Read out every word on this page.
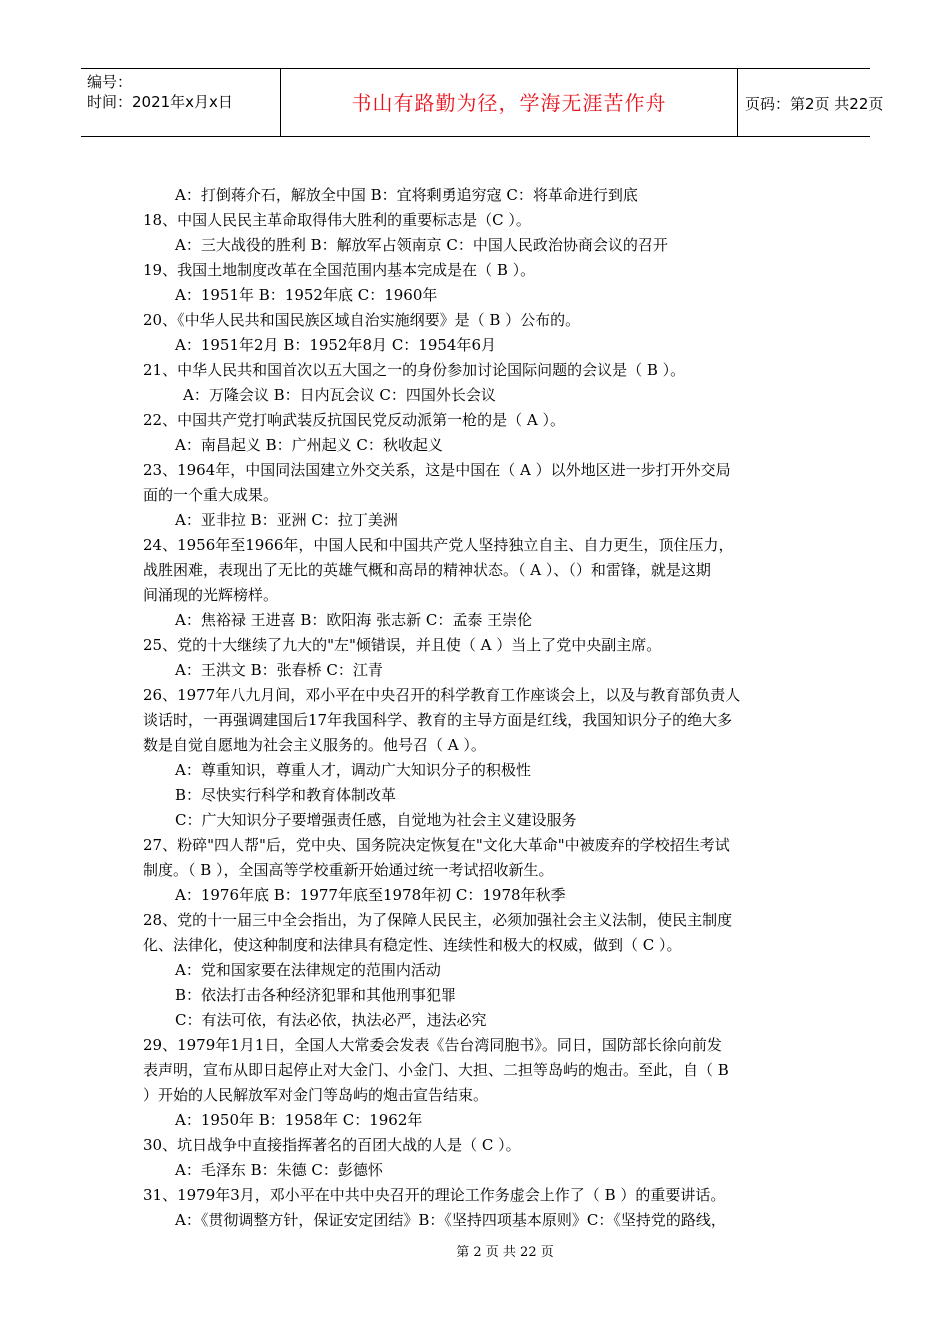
编号：
时间：2021年x月x日	书山有路勤为径，学海无涯苦作舟	页码：第2页 共22页
A：打倒蒋介石，解放全中国 B：宜将剩勇追穷寇 C：将革命进行到底
18、中国人民民主革命取得伟大胜利的重要标志是（C ）。
A：三大战役的胜利 B：解放军占领南京 C：中国人民政治协商会议的召开
19、我国土地制度改革在全国范围内基本完成是在（ B ）。
A：1951年 B：1952年底 C：1960年
20、《中华人民共和国民族区域自治实施纲要》是（ B ）公布的。
A：1951年2月 B：1952年8月 C：1954年6月
21、中华人民共和国首次以五大国之一的身份参加讨论国际问题的会议是（ B ）。
A：万隆会议 B：日内瓦会议 C：四国外长会议
22、中国共产党打响武装反抗国民党反动派第一枪的是（ A ）。
A：南昌起义 B：广州起义 C：秋收起义
23、1964年，中国同法国建立外交关系，这是中国在（ A ）以外地区进一步打开外交局
面的一个重大成果。
A：亚非拉 B：亚洲 C：拉丁美洲
24、1956年至1966年，中国人民和中国共产党人坚持独立自主、自力更生，顶住压力，
战胜困难，表现出了无比的英雄气概和高昂的精神状态。（ A ）、（）和雷锋，就是这期
间涌现的光辉榜样。
A：焦裕禄 王进喜 B：欧阳海 张志新 C：孟泰 王崇伦
25、党的十大继续了九大的"左"倾错误，并且使（ A ）当上了党中央副主席。
A：王洪文 B：张春桥 C：江青
26、1977年八九月间，邓小平在中央召开的科学教育工作座谈会上，以及与教育部负责人
谈话时，一再强调建国后17年我国科学、教育的主导方面是红线，我国知识分子的绝大多
数是自觉自愿地为社会主义服务的。他号召（ A ）。
A：尊重知识，尊重人才，调动广大知识分子的积极性
B：尽快实行科学和教育体制改革
C：广大知识分子要增强责任感，自觉地为社会主义建设服务
27、粉碎"四人帮"后，党中央、国务院决定恢复在"文化大革命"中被废弃的学校招生考试
制度。（ B ），全国高等学校重新开始通过统一考试招收新生。
A：1976年底 B：1977年底至1978年初 C：1978年秋季
28、党的十一届三中全会指出，为了保障人民民主，必须加强社会主义法制，使民主制度
化、法律化，使这种制度和法律具有稳定性、连续性和极大的权威，做到（ C ）。
A：党和国家要在法律规定的范围内活动
B：依法打击各种经济犯罪和其他刑事犯罪
C：有法可依，有法必依，执法必严，违法必究
29、1979年1月1日，全国人大常委会发表《告台湾同胞书》。同日，国防部长徐向前发
表声明，宣布从即日起停止对大金门、小金门、大担、二担等岛屿的炮击。至此，自（ B
）开始的人民解放军对金门等岛屿的炮击宣告结束。
A：1950年 B：1958年 C：1962年
30、坑日战争中直接指挥著名的百团大战的人是（ C ）。
A：毛泽东 B：朱德 C：彭德怀
31、1979年3月，邓小平在中共中央召开的理论工作务虚会上作了（ B ）的重要讲话。
A：《贯彻调整方针，保证安定团结》B：《坚持四项基本原则》C：《坚持党的路线，
第 2 页 共 22 页
